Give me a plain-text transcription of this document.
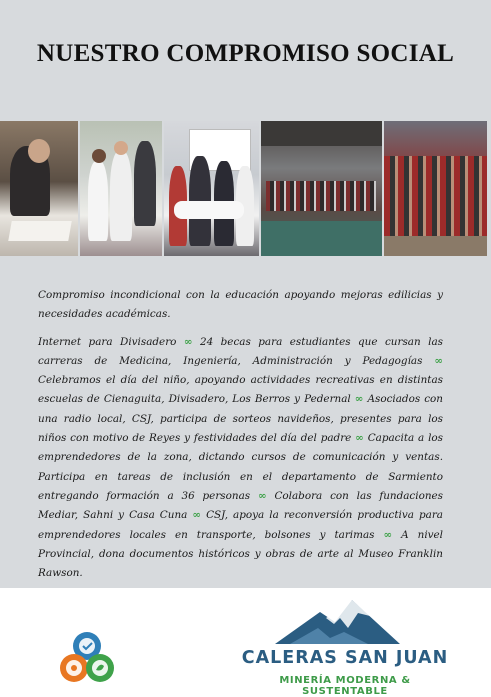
NUESTRO COMPROMISO SOCIAL

Compromiso incondicional con la educación apoyando mejoras edilicias y necesidades académicas.

Internet para Divisadero ∞ 24 becas para estudiantes que cursan las carreras de Medicina, Ingeniería, Administración y Pedagogías ∞ Celebramos el día del niño, apoyando actividades recreativas en distintas escuelas de Cienaguita, Divisadero, Los Berros y Pedernal ∞ Asociados con una radio local, CSJ, participa de sorteos navideños, presentes para los niños con motivo de Reyes y festividades del día del padre ∞ Capacita a los emprendedores de la zona, dictando cursos de comunicación y ventas. Participa en tareas de inclusión en el departamento de Sarmiento entregando formación a 36 personas ∞ Colabora con las fundaciones Mediar, Sahni y Casa Cuna ∞ CSJ, apoya la reconversión productiva para emprendedores locales en transporte, bolsones y tarimas ∞ A nivel Provincial, dona documentos históricos y obras de arte al Museo Franklin Rawson.

CALERAS SAN JUAN
MINERÍA MODERNA & SUSTENTABLE
